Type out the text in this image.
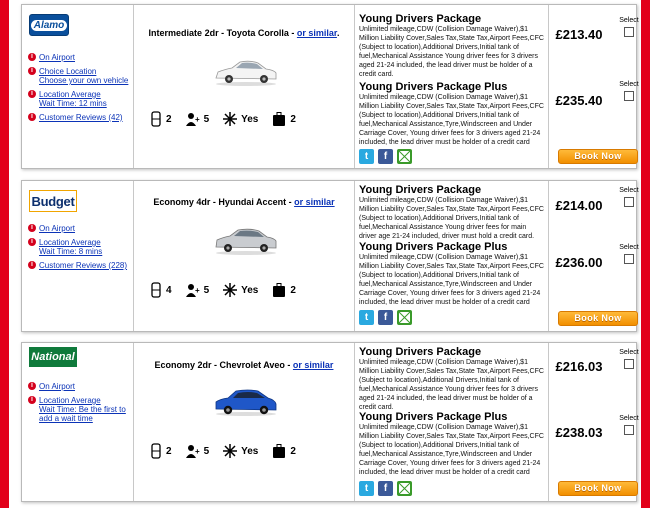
Alamo
i On Airport
i Choice Location
Choose your own vehicle
i Location Average
Wait Time: 12 mins
i Customer Reviews (42)
Intermediate 2dr - Toyota Corolla - or similar.
2	+ 5	Yes	2
Young Drivers Package
Unlimited mileage,CDW (Collision Damage Waiver),$1 Million Liability Cover,Sales Tax,State Tax,Airport Fees,CFC (Subject to location),Additional Drivers,Initial tank of fuel,Mechanical Assistance Young driver fees for 3 drivers aged 21-24 included, the lead driver must be holder of a credit card.
Young Drivers Package Plus
Unlimited mileage,CDW (Collision Damage Waiver),$1 Million Liability Cover,Sales Tax,State Tax,Airport Fees,CFC (Subject to location),Additional Drivers,Initial tank of fuel,Mechanical Assistance,Tyre,Windscreen and Under Carriage Cover, Young driver fees for 3 drivers aged 21-24 included, the lead driver must be holder of a credit card
£213.40
£235.40
Select
Select
t	f	Book Now
Budget
i On Airport
i Location Average
Wait Time: 8 mins
i Customer Reviews (228)
Economy 4dr - Hyundai Accent - or similar
4	+ 5	Yes	2
Young Drivers Package
Unlimited mileage,CDW (Collision Damage Waiver),$1 Million Liability Cover,Sales Tax,State Tax,Airport Fees,CFC (Subject to location),Additional Drivers,Initial tank of fuel,Mechanical Assistance Young driver fees for main driver age 21-24 included, driver must hold a credit card.
Young Drivers Package Plus
Unlimited mileage,CDW (Collision Damage Waiver),$1 Million Liability Cover,Sales Tax,State Tax,Airport Fees,CFC (Subject to location),Additional Drivers,Initial tank of fuel,Mechanical Assistance,Tyre,Windscreen and Under Carriage Cover, Young driver fees for 3 drivers aged 21-24 included, the lead driver must be holder of a credit card
£214.00
£236.00
Select
Select
t	f	Book Now
National
i On Airport
i Location Average
Wait Time: Be the first to
add a wait time
Economy 2dr - Chevrolet Aveo - or similar
2	+ 5	Yes	2
Young Drivers Package
Unlimited mileage,CDW (Collision Damage Waiver),$1 Million Liability Cover,Sales Tax,State Tax,Airport Fees,CFC (Subject to location),Additional Drivers,Initial tank of fuel,Mechanical Assistance Young driver fees for 3 drivers aged 21-24 included, the lead driver must be holder of a credit card.
Young Drivers Package Plus
Unlimited mileage,CDW (Collision Damage Waiver),$1 Million Liability Cover,Sales Tax,State Tax,Airport Fees,CFC (Subject to location),Additional Drivers,Initial tank of fuel,Mechanical Assistance,Tyre,Windscreen and Under Carriage Cover, Young driver fees for 3 drivers aged 21-24 included, the lead driver must be holder of a credit card
£216.03
£238.03
Select
Select
t	f	Book Now
